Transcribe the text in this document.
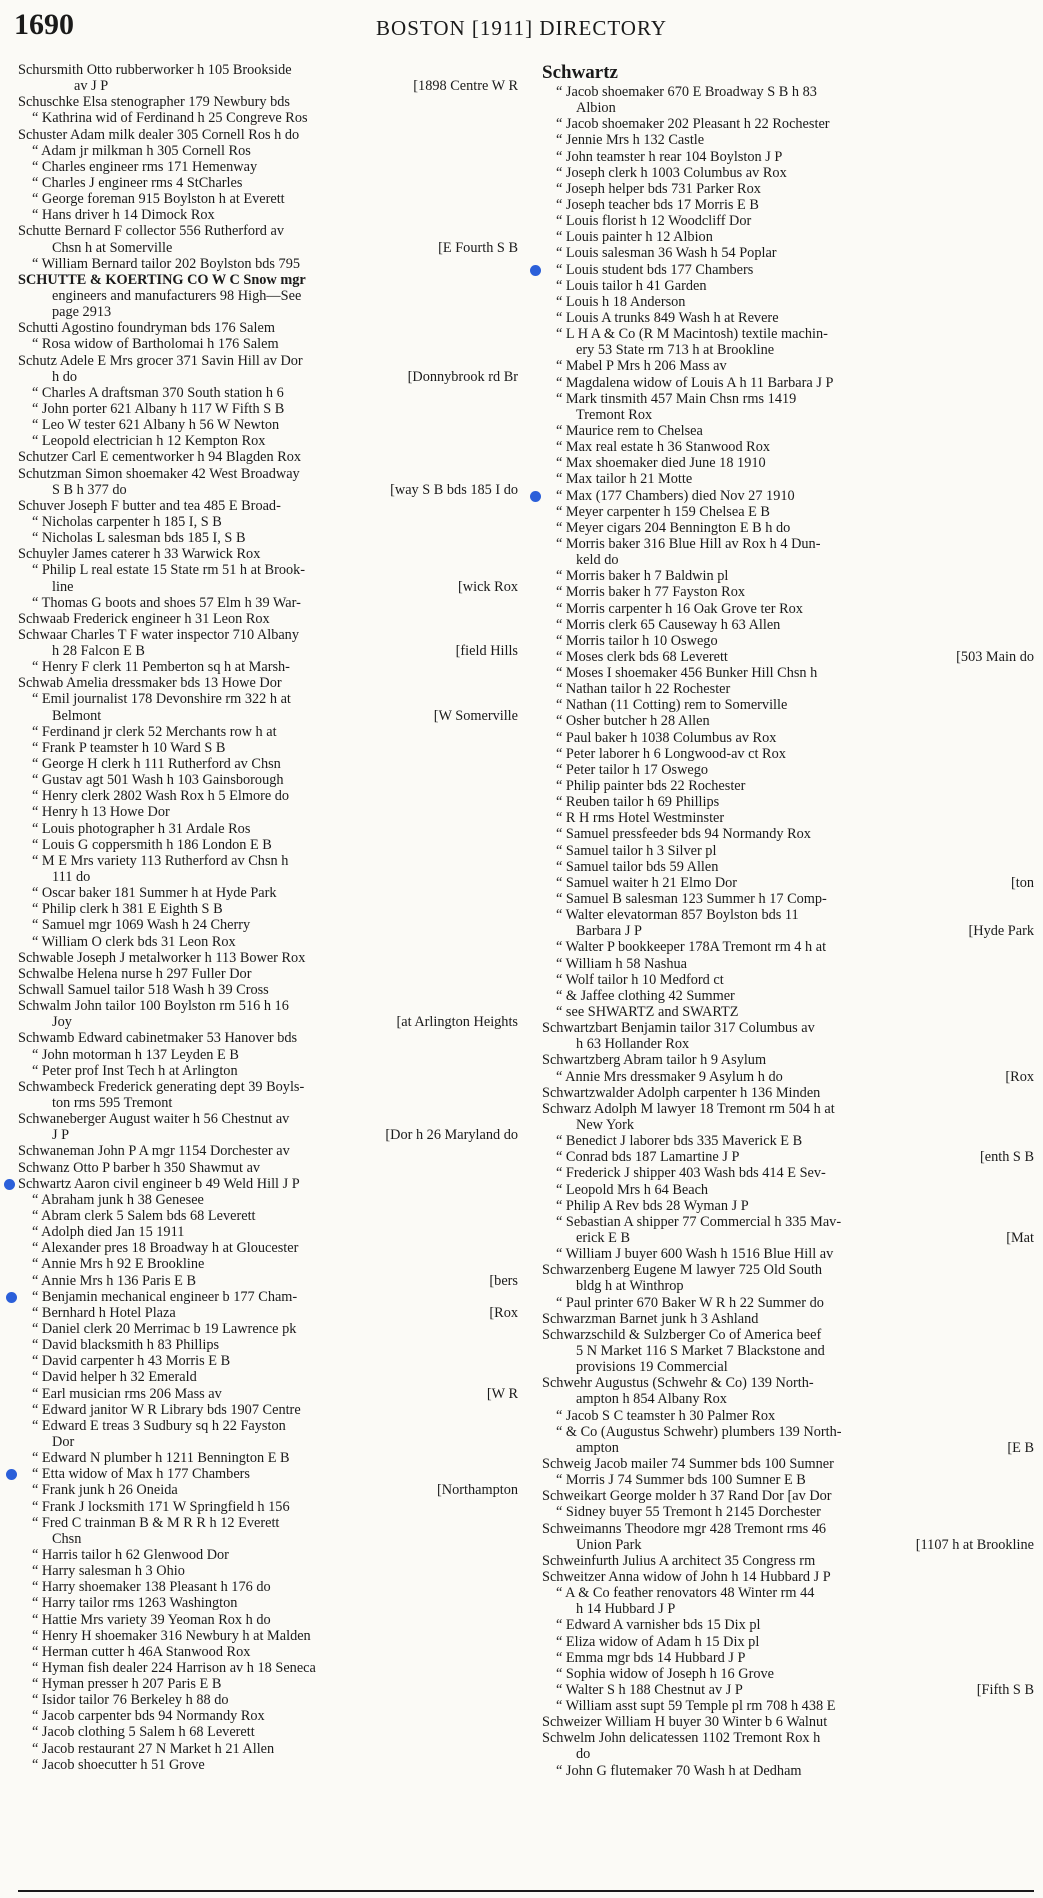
1690	BOSTON [1911] DIRECTORY
Schursmith Otto rubberworker h 105 Brookside
av J P	[1898 Centre W R
Schuschke Elsa stenographer 179 Newbury bds
“ Kathrina wid of Ferdinand h 25 Congreve Ros
Schuster Adam milk dealer 305 Cornell Ros h do
“ Adam jr milkman h 305 Cornell Ros
“ Charles engineer rms 171 Hemenway
“ Charles J engineer rms 4 StCharles
“ George foreman 915 Boylston h at Everett
“ Hans driver h 14 Dimock Rox
Schutte Bernard F collector 556 Rutherford av
Chsn h at Somerville	[E Fourth S B
“ William Bernard tailor 202 Boylston bds 795
SCHUTTE & KOERTING CO W C Snow mgr
engineers and manufacturers 98 High—See
page 2913
Schutti Agostino foundryman bds 176 Salem
“ Rosa widow of Bartholomai h 176 Salem
Schutz Adele E Mrs grocer 371 Savin Hill av Dor
h do	[Donnybrook rd Br
“ Charles A draftsman 370 South station h 6
“ John porter 621 Albany h 117 W Fifth S B
“ Leo W tester 621 Albany h 56 W Newton
“ Leopold electrician h 12 Kempton Rox
Schutzer Carl E cementworker h 94 Blagden Rox
Schutzman Simon shoemaker 42 West Broadway
S B h 377 do	[way S B bds 185 I do
Schuver Joseph F butter and tea 485 E Broad-
“ Nicholas carpenter h 185 I, S B
“ Nicholas L salesman bds 185 I, S B
Schuyler James caterer h 33 Warwick Rox
“ Philip L real estate 15 State rm 51 h at Brook-
line	[wick Rox
“ Thomas G boots and shoes 57 Elm h 39 War-
Schwaab Frederick engineer h 31 Leon Rox
Schwaar Charles T F water inspector 710 Albany
h 28 Falcon E B	[field Hills
“ Henry F clerk 11 Pemberton sq h at Marsh-
Schwab Amelia dressmaker bds 13 Howe Dor
“ Emil journalist 178 Devonshire rm 322 h at
Belmont	[W Somerville
“ Ferdinand jr clerk 52 Merchants row h at
“ Frank P teamster h 10 Ward S B
“ George H clerk h 111 Rutherford av Chsn
“ Gustav agt 501 Wash h 103 Gainsborough
“ Henry clerk 2802 Wash Rox h 5 Elmore do
“ Henry h 13 Howe Dor
“ Louis photographer h 31 Ardale Ros
“ Louis G coppersmith h 186 London E B
“ M E Mrs variety 113 Rutherford av Chsn h
111 do
“ Oscar baker 181 Summer h at Hyde Park
“ Philip clerk h 381 E Eighth S B
“ Samuel mgr 1069 Wash h 24 Cherry
“ William O clerk bds 31 Leon Rox
Schwable Joseph J metalworker h 113 Bower Rox
Schwalbe Helena nurse h 297 Fuller Dor
Schwall Samuel tailor 518 Wash h 39 Cross
Schwalm John tailor 100 Boylston rm 516 h 16
Joy	[at Arlington Heights
Schwamb Edward cabinetmaker 53 Hanover bds
“ John motorman h 137 Leyden E B
“ Peter prof Inst Tech h at Arlington
Schwambeck Frederick generating dept 39 Boyls-
ton rms 595 Tremont
Schwaneberger August waiter h 56 Chestnut av
J P	[Dor h 26 Maryland do
Schwaneman John P A mgr 1154 Dorchester av
Schwanz Otto P barber h 350 Shawmut av
Schwartz Aaron civil engineer b 49 Weld Hill J P
“ Abraham junk h 38 Genesee
“ Abram clerk 5 Salem bds 68 Leverett
“ Adolph died Jan 15 1911
“ Alexander pres 18 Broadway h at Gloucester
“ Annie Mrs h 92 E Brookline
“ Annie Mrs h 136 Paris E B	[bers
“ Benjamin mechanical engineer b 177 Cham-
“ Bernhard h Hotel Plaza	[Rox
“ Daniel clerk 20 Merrimac b 19 Lawrence pk
“ David blacksmith h 83 Phillips
“ David carpenter h 43 Morris E B
“ David helper h 32 Emerald
“ Earl musician rms 206 Mass av	[W R
“ Edward janitor W R Library bds 1907 Centre
“ Edward E treas 3 Sudbury sq h 22 Fayston
Dor
“ Edward N plumber h 1211 Bennington E B
“ Etta widow of Max h 177 Chambers
“ Frank junk h 26 Oneida	[Northampton
“ Frank J locksmith 171 W Springfield h 156
“ Fred C trainman B & M R R h 12 Everett
Chsn
“ Harris tailor h 62 Glenwood Dor
“ Harry salesman h 3 Ohio
“ Harry shoemaker 138 Pleasant h 176 do
“ Harry tailor rms 1263 Washington
“ Hattie Mrs variety 39 Yeoman Rox h do
“ Henry H shoemaker 316 Newbury h at Malden
“ Herman cutter h 46A Stanwood Rox
“ Hyman fish dealer 224 Harrison av h 18 Seneca
“ Hyman presser h 207 Paris E B
“ Isidor tailor 76 Berkeley h 88 do
“ Jacob carpenter bds 94 Normandy Rox
“ Jacob clothing 5 Salem h 68 Leverett
“ Jacob restaurant 27 N Market h 21 Allen
“ Jacob shoecutter h 51 Grove
Schwartz
“ Jacob shoemaker 670 E Broadway S B h 83
Albion
“ Jacob shoemaker 202 Pleasant h 22 Rochester
“ Jennie Mrs h 132 Castle
“ John teamster h rear 104 Boylston J P
“ Joseph clerk h 1003 Columbus av Rox
“ Joseph helper bds 731 Parker Rox
“ Joseph teacher bds 17 Morris E B
“ Louis florist h 12 Woodcliff Dor
“ Louis painter h 12 Albion
“ Louis salesman 36 Wash h 54 Poplar
“ Louis student bds 177 Chambers
“ Louis tailor h 41 Garden
“ Louis h 18 Anderson
“ Louis A trunks 849 Wash h at Revere
“ L H A & Co (R M Macintosh) textile machin-
ery 53 State rm 713 h at Brookline
“ Mabel P Mrs h 206 Mass av
“ Magdalena widow of Louis A h 11 Barbara J P
“ Mark tinsmith 457 Main Chsn rms 1419
Tremont Rox
“ Maurice rem to Chelsea
“ Max real estate h 36 Stanwood Rox
“ Max shoemaker died June 18 1910
“ Max tailor h 21 Motte
“ Max (177 Chambers) died Nov 27 1910
“ Meyer carpenter h 159 Chelsea E B
“ Meyer cigars 204 Bennington E B h do
“ Morris baker 316 Blue Hill av Rox h 4 Dun-
keld do
“ Morris baker h 7 Baldwin pl
“ Morris baker h 77 Fayston Rox
“ Morris carpenter h 16 Oak Grove ter Rox
“ Morris clerk 65 Causeway h 63 Allen
“ Morris tailor h 10 Oswego
“ Moses clerk bds 68 Leverett	[503 Main do
“ Moses I shoemaker 456 Bunker Hill Chsn h
“ Nathan tailor h 22 Rochester
“ Nathan (11 Cotting) rem to Somerville
“ Osher butcher h 28 Allen
“ Paul baker h 1038 Columbus av Rox
“ Peter laborer h 6 Longwood-av ct Rox
“ Peter tailor h 17 Oswego
“ Philip painter bds 22 Rochester
“ Reuben tailor h 69 Phillips
“ R H rms Hotel Westminster
“ Samuel pressfeeder bds 94 Normandy Rox
“ Samuel tailor h 3 Silver pl
“ Samuel tailor bds 59 Allen
“ Samuel waiter h 21 Elmo Dor	[ton
“ Samuel B salesman 123 Summer h 17 Comp-
“ Walter elevatorman 857 Boylston bds 11
Barbara J P	[Hyde Park
“ Walter P bookkeeper 178A Tremont rm 4 h at
“ William h 58 Nashua
“ Wolf tailor h 10 Medford ct
“ & Jaffee clothing 42 Summer
“ see SHWARTZ and SWARTZ
Schwartzbart Benjamin tailor 317 Columbus av
h 63 Hollander Rox
Schwartzberg Abram tailor h 9 Asylum
“ Annie Mrs dressmaker 9 Asylum h do	[Rox
Schwartzwalder Adolph carpenter h 136 Minden
Schwarz Adolph M lawyer 18 Tremont rm 504 h at
New York
“ Benedict J laborer bds 335 Maverick E B
“ Conrad bds 187 Lamartine J P	[enth S B
“ Frederick J shipper 403 Wash bds 414 E Sev-
“ Leopold Mrs h 64 Beach
“ Philip A Rev bds 28 Wyman J P
“ Sebastian A shipper 77 Commercial h 335 Mav-
erick E B	[Mat
“ William J buyer 600 Wash h 1516 Blue Hill av
Schwarzenberg Eugene M lawyer 725 Old South
bldg h at Winthrop
“ Paul printer 670 Baker W R h 22 Summer do
Schwarzman Barnet junk h 3 Ashland
Schwarzschild & Sulzberger Co of America beef
5 N Market 116 S Market 7 Blackstone and
provisions 19 Commercial
Schwehr Augustus (Schwehr & Co) 139 North-
ampton h 854 Albany Rox
“ Jacob S C teamster h 30 Palmer Rox
“ & Co (Augustus Schwehr) plumbers 139 North-
ampton	[E B
Schweig Jacob mailer 74 Summer bds 100 Sumner
“ Morris J 74 Summer bds 100 Sumner E B
Schweikart George molder h 37 Rand Dor [av Dor
“ Sidney buyer 55 Tremont h 2145 Dorchester
Schweimanns Theodore mgr 428 Tremont rms 46
Union Park	[1107 h at Brookline
Schweinfurth Julius A architect 35 Congress rm
Schweitzer Anna widow of John h 14 Hubbard J P
“ A & Co feather renovators 48 Winter rm 44
h 14 Hubbard J P
“ Edward A varnisher bds 15 Dix pl
“ Eliza widow of Adam h 15 Dix pl
“ Emma mgr bds 14 Hubbard J P
“ Sophia widow of Joseph h 16 Grove
“ Walter S h 188 Chestnut av J P	[Fifth S B
“ William asst supt 59 Temple pl rm 708 h 438 E
Schweizer William H buyer 30 Winter b 6 Walnut
Schwelm John delicatessen 1102 Tremont Rox h
do
“ John G flutemaker 70 Wash h at Dedham
